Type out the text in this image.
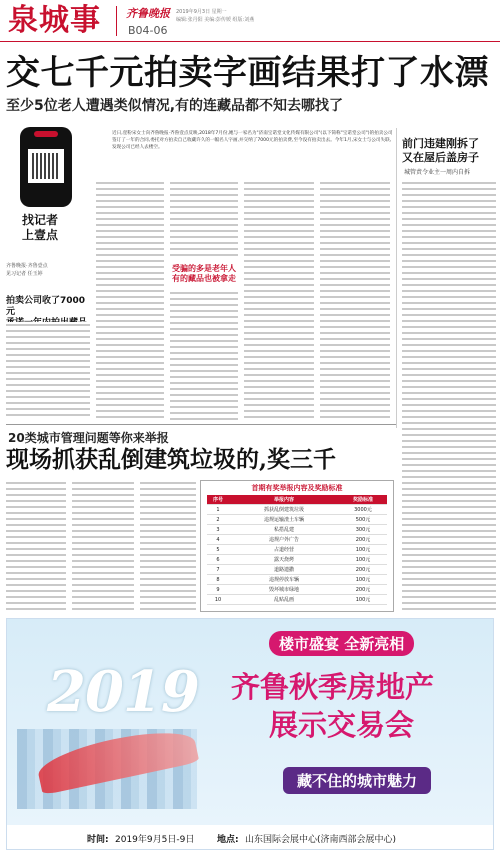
泉城事 齐鲁晚报 2019年9月3日 星期一
编辑:张丹阳 美编:彭传媛 组版:刘燕
B04-06
交七千元拍卖字画结果打了水漂
至少5位老人遭遇类似情况,有的连藏品都不知去哪找了
找记者
上壹点
齐鲁晚报·齐鲁壹点
见习记者 任玉婷
拍卖公司收了7000元

近日,壹粉宋女士向齐鲁晚报·齐鲁壹点反映,2018年7月份,她与一家名为"济南宝诺堂文化传媒有限公司"(以下简称"宝诺堂公司")的拍卖公司签订了一年的合同,委托对方拍卖自己收藏许久的一幅名人字画,并交纳了7000元的拍卖费,至今没有拍卖出去。今年1月,宋女士与公司失联,发现公司已经人去楼空。
受骗的多是老年人
有的藏品也被拿走
前门违建刚拆了
又在屋后盖房子
城管责令业主一周内自拆
20类城市管理问题等你来举报
现场抓获乱倒建筑垃圾的,奖三千
首期有奖举报内容及奖励标准
序号	举报内容	奖励标准
1	抓获乱倒建筑垃圾	3000元
2	违规运输渣土车辆	500元
3	私搭乱建	300元
4	违规户外广告	200元
5	占道经营	100元
6	露天烧烤	100元
7	道路遗撒	200元
8	违规停放车辆	100元
9	毁坏城市绿地	200元
10	乱贴乱画	100元
2019
楼市盛宴 全新亮相
齐鲁秋季房地产
展示交易会
藏不住的城市魅力
时间: 2019年9月5日-9日	地点: 山东国际会展中心(济南西部会展中心)
